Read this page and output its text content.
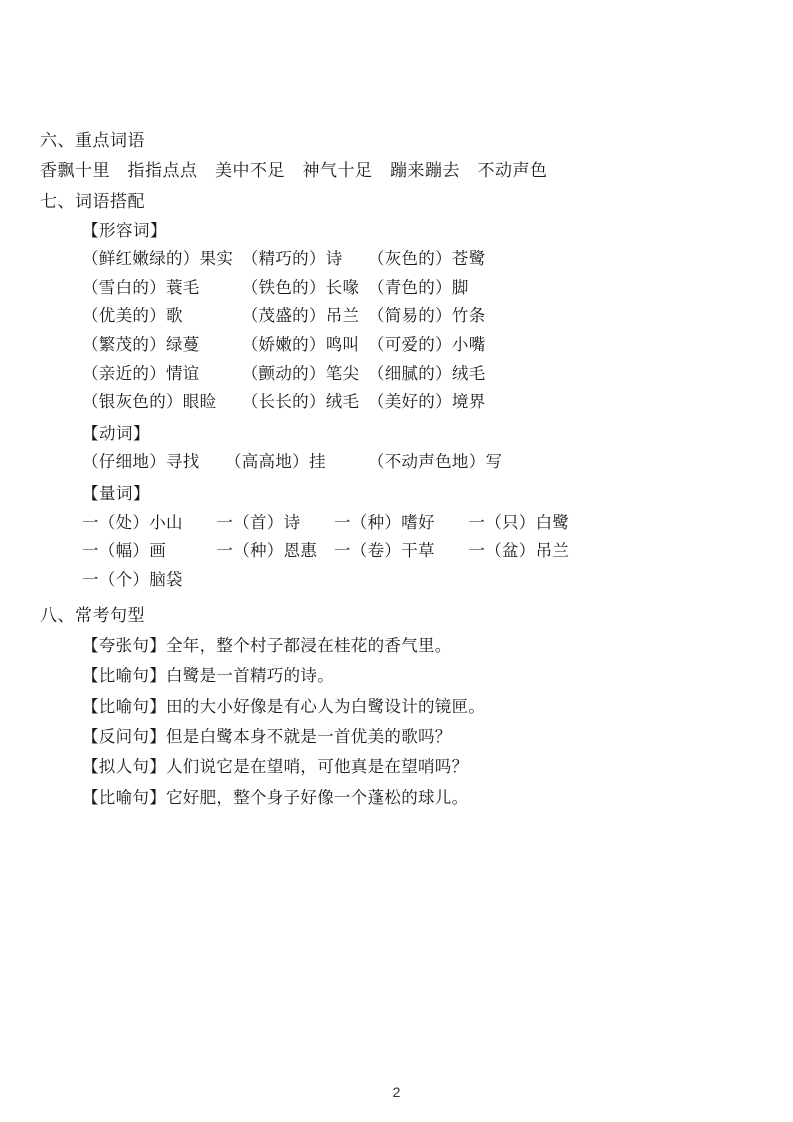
六、重点词语
香飘十里　指指点点　美中不足　神气十足　蹦来蹦去　不动声色
七、词语搭配
【形容词】
（鲜红嫩绿的）果实　（精巧的）诗　　（灰色的）苍鹭
（雪白的）蓑毛　　　（铁色的）长喙　（青色的）脚
（优美的）歌　　　　（茂盛的）吊兰　（简易的）竹条
（繁茂的）绿蔓　　　（娇嫩的）鸣叫　（可爱的）小嘴
（亲近的）情谊　　　（颤动的）笔尖　（细腻的）绒毛
（银灰色的）眼睑　　（长长的）绒毛　（美好的）境界
【动词】
（仔细地）寻找　　（高高地）挂　　　（不动声色地）写
【量词】
一（处）小山　　一（首）诗　　一（种）嗜好　　一（只）白鹭
一（幅）画　　　一（种）恩惠　一（卷）干草　　一（盆）吊兰
一（个）脑袋
八、常考句型
【夸张句】全年，整个村子都浸在桂花的香气里。
【比喻句】白鹭是一首精巧的诗。
【比喻句】田的大小好像是有心人为白鹭设计的镜匣。
【反问句】但是白鹭本身不就是一首优美的歌吗？
【拟人句】人们说它是在望哨，可他真是在望哨吗？
【比喻句】它好肥，整个身子好像一个蓬松的球儿。
2
